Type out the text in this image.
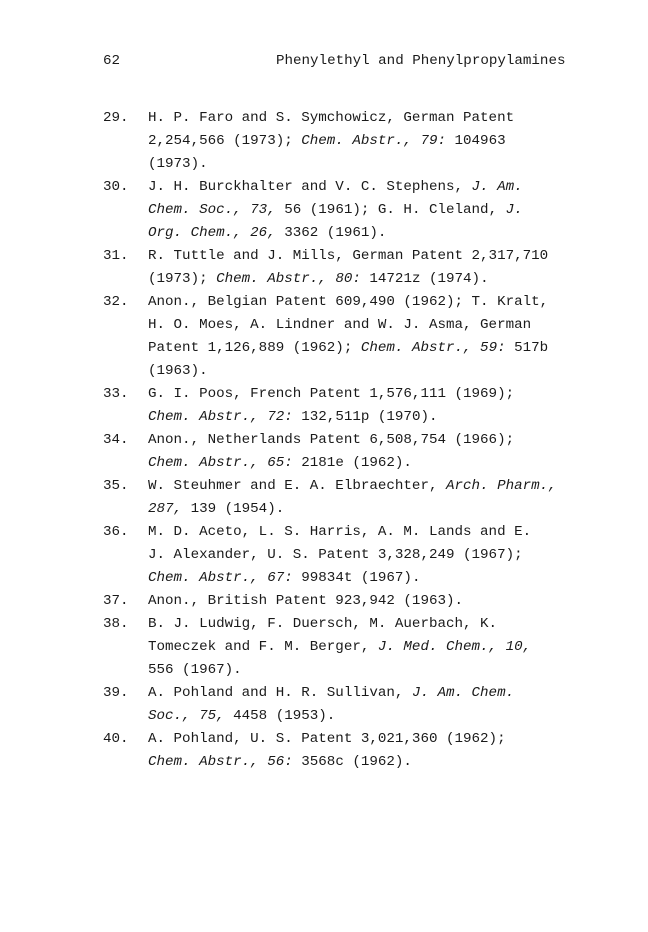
62	Phenylethyl and Phenylpropylamines
29. H. P. Faro and S. Symchowicz, German Patent
2,254,566 (1973); Chem. Abstr., 79: 104963
(1973).
30. J. H. Burckhalter and V. C. Stephens, J. Am.
Chem. Soc., 73, 56 (1961); G. H. Cleland, J.
Org. Chem., 26, 3362 (1961).
31. R. Tuttle and J. Mills, German Patent 2,317,710
(1973); Chem. Abstr., 80: 14721z (1974).
32. Anon., Belgian Patent 609,490 (1962); T. Kralt,
H. O. Moes, A. Lindner and W. J. Asma, German
Patent 1,126,889 (1962); Chem. Abstr., 59: 517b
(1963).
33. G. I. Poos, French Patent 1,576,111 (1969);
Chem. Abstr., 72: 132,511p (1970).
34. Anon., Netherlands Patent 6,508,754 (1966);
Chem. Abstr., 65: 2181e (1962).
35. W. Steuhmer and E. A. Elbraechter, Arch. Pharm.,
287, 139 (1954).
36. M. D. Aceto, L. S. Harris, A. M. Lands and E.
J. Alexander, U. S. Patent 3,328,249 (1967);
Chem. Abstr., 67: 99834t (1967).
37. Anon., British Patent 923,942 (1963).
38. B. J. Ludwig, F. Duersch, M. Auerbach, K.
Tomeczek and F. M. Berger, J. Med. Chem., 10,
556 (1967).
39. A. Pohland and H. R. Sullivan, J. Am. Chem.
Soc., 75, 4458 (1953).
40. A. Pohland, U. S. Patent 3,021,360 (1962);
Chem. Abstr., 56: 3568c (1962).
